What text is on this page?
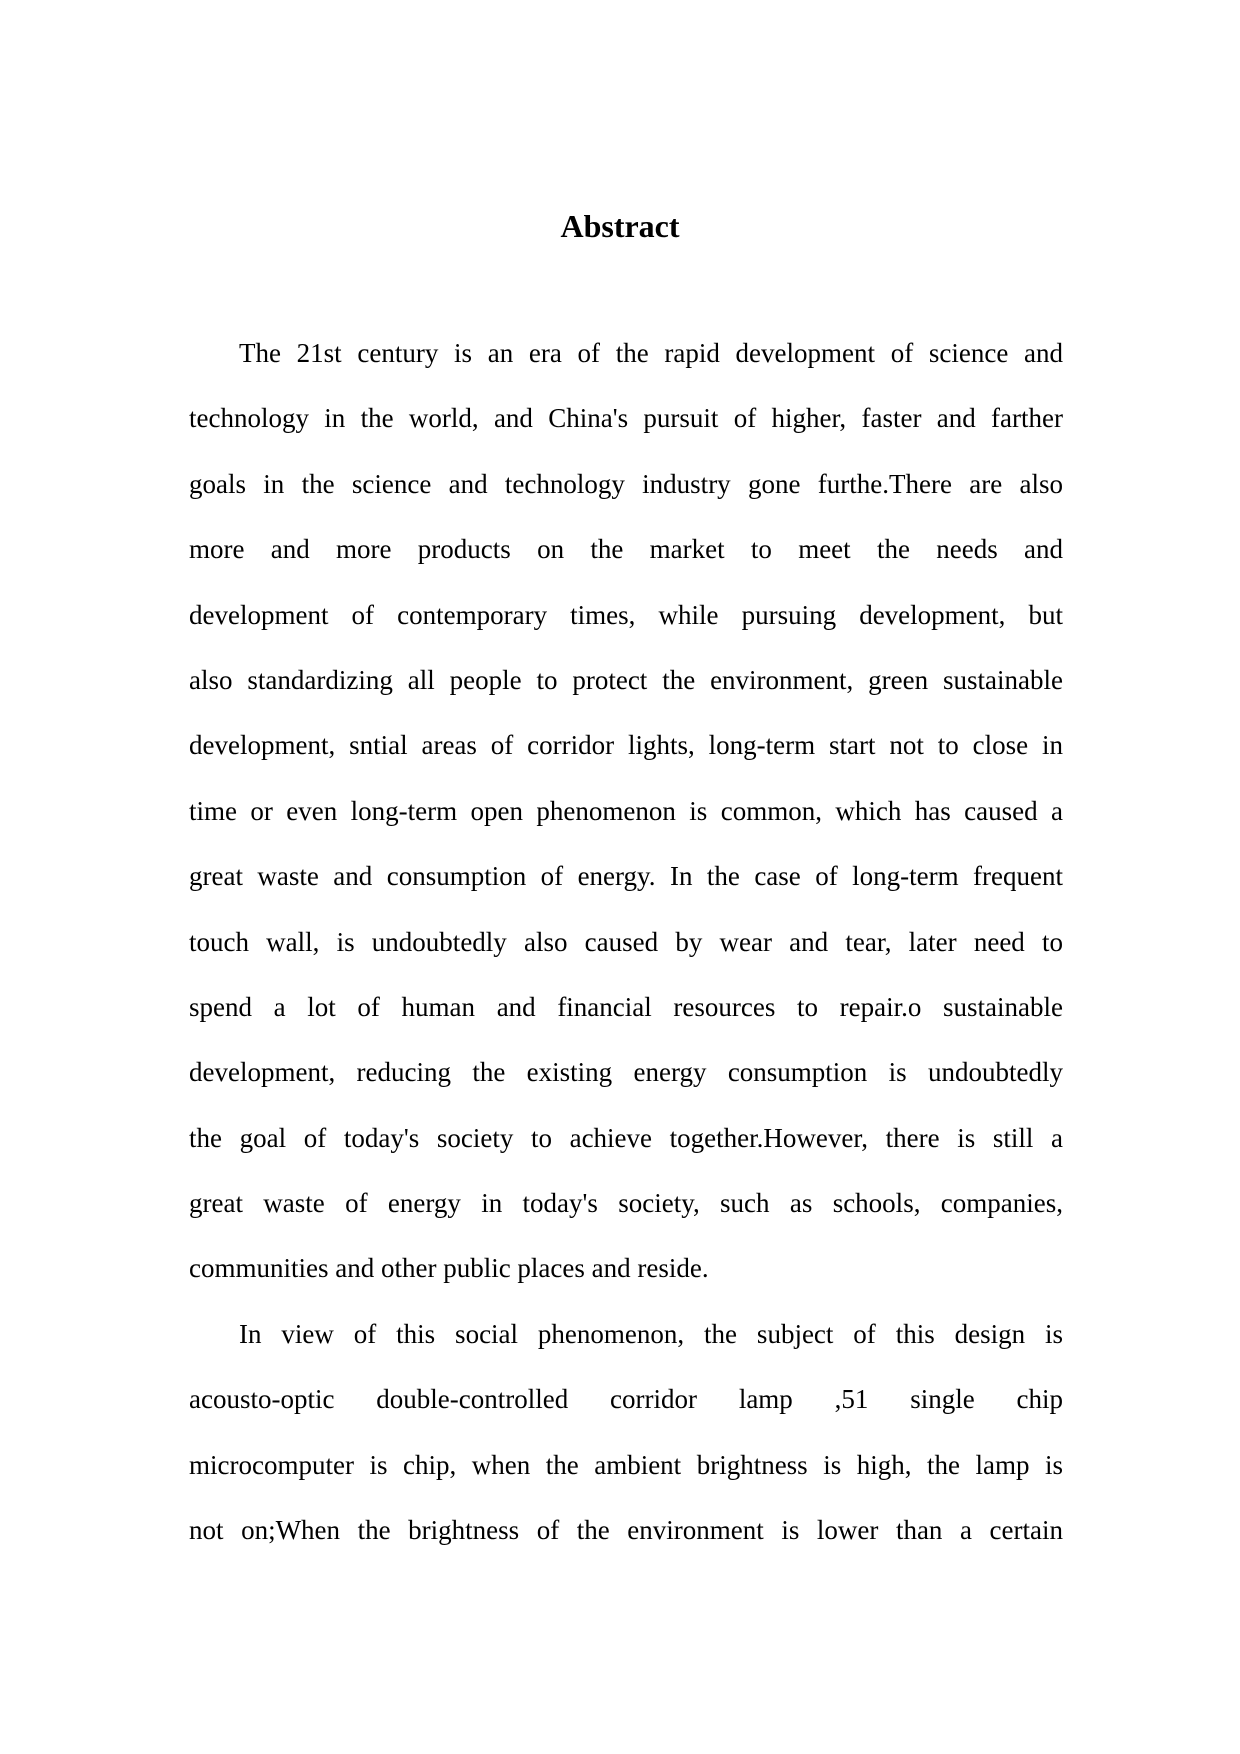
Abstract
The 21st century is an era of the rapid development of science and
technology in the world, and China's pursuit of higher, faster and farther
goals in the science and technology industry gone furthe.There are also
more and more products on the market to meet the needs and
development of contemporary times, while pursuing development, but
also standardizing all people to protect the environment, green sustainable
development, sntial areas of corridor lights, long-term start not to close in
time or even long-term open phenomenon is common, which has caused a
great waste and consumption of energy. In the case of long-term frequent
touch wall, is undoubtedly also caused by wear and tear, later need to
spend a lot of human and financial resources to repair.o sustainable
development, reducing the existing energy consumption is undoubtedly
the goal of today's society to achieve together.However, there is still a
great waste of energy in today's society, such as schools, companies,
communities and other public places and reside.
In view of this social phenomenon, the subject of this design is
acousto-optic double-controlled corridor lamp ,51 single chip
microcomputer is chip, when the ambient brightness is high, the lamp is
not on;When the brightness of the environment is lower than a certain
